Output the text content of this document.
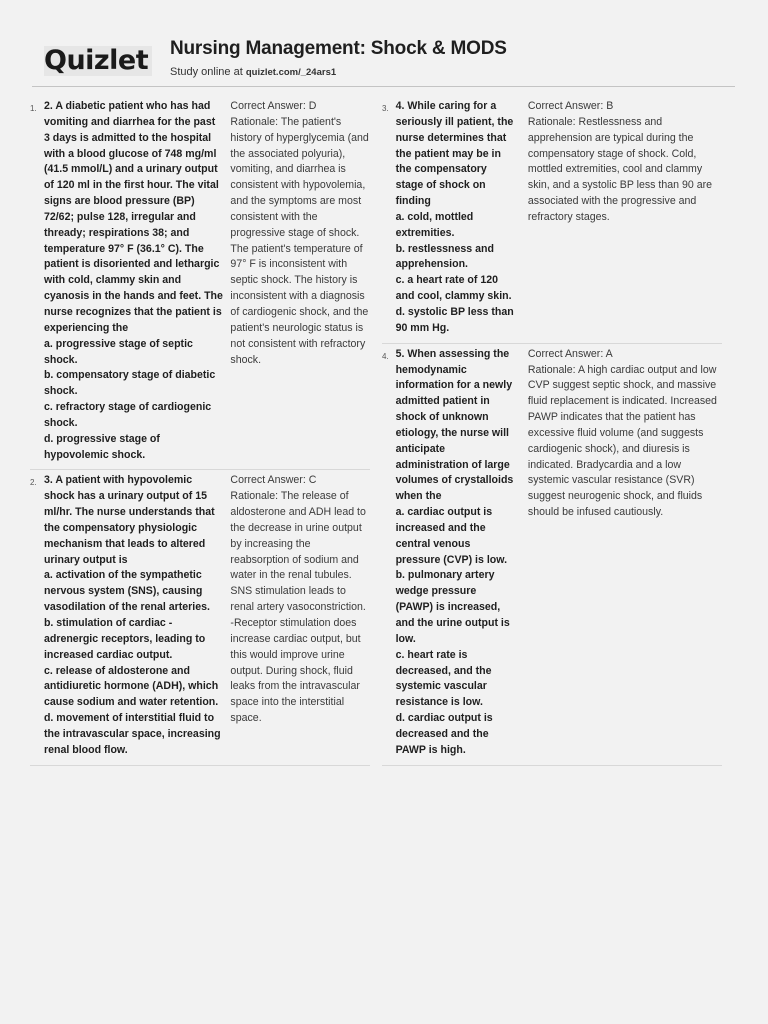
Quizlet Nursing Management: Shock & MODS
Study online at quizlet.com/_24ars1
1. 2. A diabetic patient who has had vomiting and diarrhea for the past 3 days is admitted to the hospital with a blood glucose of 748 mg/ml (41.5 mmol/L) and a urinary output of 120 ml in the first hour. The vital signs are blood pressure (BP) 72/62; pulse 128, irregular and thready; respirations 38; and temperature 97° F (36.1° C). The patient is disoriented and lethargic with cold, clammy skin and cyanosis in the hands and feet. The nurse recognizes that the patient is experiencing the
a. progressive stage of septic shock.
b. compensatory stage of diabetic shock.
c. refractory stage of cardiogenic shock.
d. progressive stage of hypovolemic shock.
Correct Answer: D
Rationale: The patient's history of hyperglycemia (and the associated polyuria), vomiting, and diarrhea is consistent with hypovolemia, and the symptoms are most consistent with the progressive stage of shock. The patient's temperature of 97° F is inconsistent with septic shock. The history is inconsistent with a diagnosis of cardiogenic shock, and the patient's neurologic status is not consistent with refractory shock.
2. 3. A patient with hypovolemic shock has a urinary output of 15 ml/hr. The nurse understands that the compensatory physiologic mechanism that leads to altered urinary output is
a. activation of the sympathetic nervous system (SNS), causing vasodilation of the renal arteries.
b. stimulation of cardiac -adrenergic receptors, leading to increased cardiac output.
c. release of aldosterone and antidiuretic hormone (ADH), which cause sodium and water retention.
d. movement of interstitial fluid to the intravascular space, increasing renal blood flow.
Correct Answer: C
Rationale: The release of aldosterone and ADH lead to the decrease in urine output by increasing the reabsorption of sodium and water in the renal tubules. SNS stimulation leads to renal artery vasoconstriction. -Receptor stimulation does increase cardiac output, but this would improve urine output. During shock, fluid leaks from the intravascular space into the interstitial space.
3. 4. While caring for a seriously ill patient, the nurse determines that the patient may be in the compensatory stage of shock on finding
a. cold, mottled extremities.
b. restlessness and apprehension.
c. a heart rate of 120 and cool, clammy skin.
d. systolic BP less than 90 mm Hg.
Correct Answer: B
Rationale: Restlessness and apprehension are typical during the compensatory stage of shock. Cold, mottled extremities, cool and clammy skin, and a systolic BP less than 90 are associated with the progressive and refractory stages.
4. 5. When assessing the hemodynamic information for a newly admitted patient in shock of unknown etiology, the nurse will anticipate administration of large volumes of crystalloids when the
a. cardiac output is increased and the central venous pressure (CVP) is low.
b. pulmonary artery wedge pressure (PAWP) is increased, and the urine output is low.
c. heart rate is decreased, and the systemic vascular resistance is low.
d. cardiac output is decreased and the PAWP is high.
Correct Answer: A
Rationale: A high cardiac output and low CVP suggest septic shock, and massive fluid replacement is indicated. Increased PAWP indicates that the patient has excessive fluid volume (and suggests cardiogenic shock), and diuresis is indicated. Bradycardia and a low systemic vascular resistance (SVR) suggest neurogenic shock, and fluids should be infused cautiously.
